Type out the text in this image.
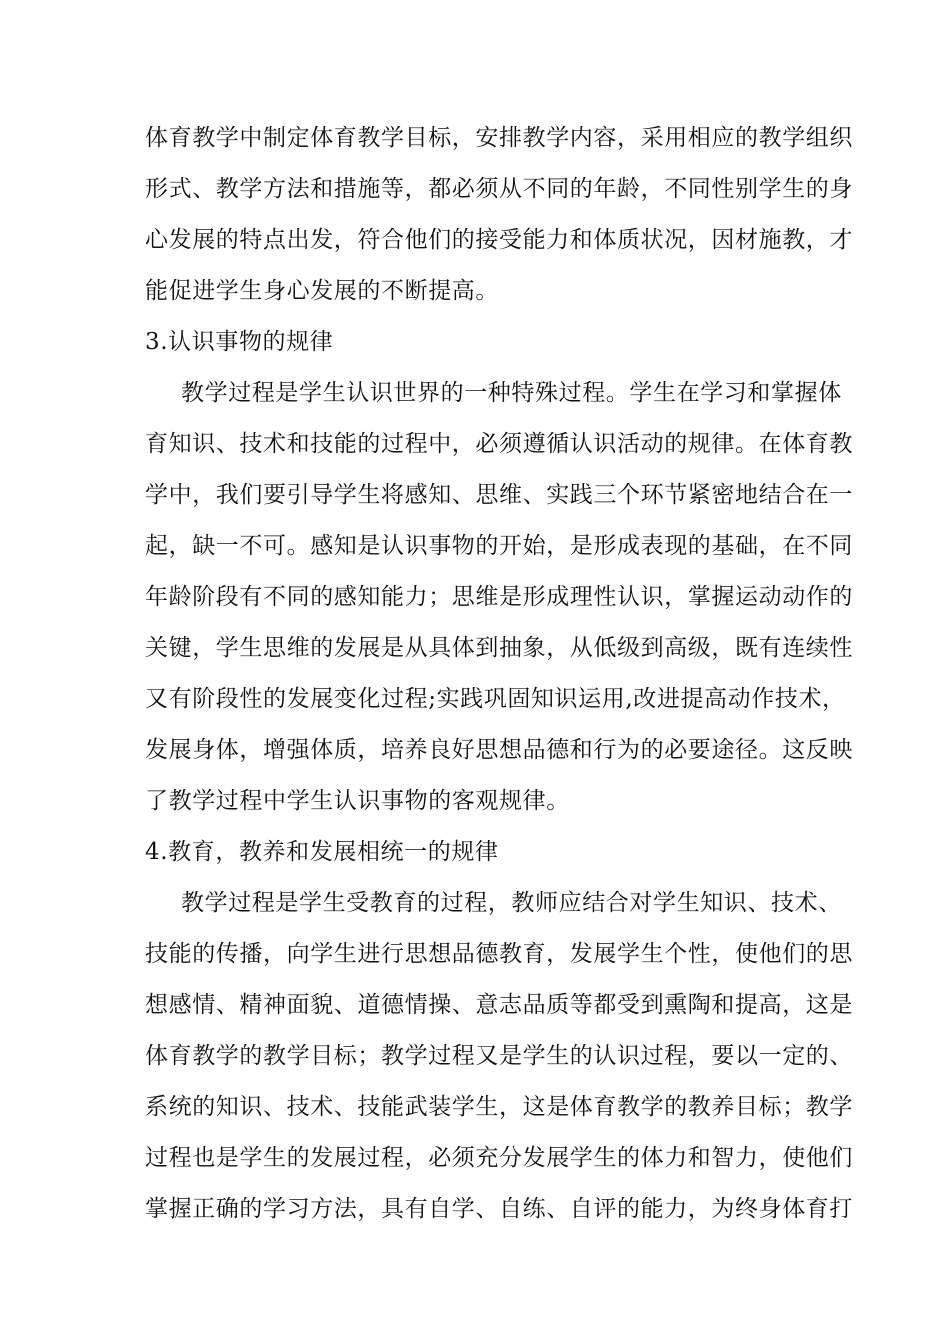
体育教学中制定体育教学目标，安排教学内容，采用相应的教学组织
形式、教学方法和措施等，都必须从不同的年龄，不同性别学生的身
心发展的特点出发，符合他们的接受能力和体质状况，因材施教，才
能促进学生身心发展的不断提高。
3.认识事物的规律
教学过程是学生认识世界的一种特殊过程。学生在学习和掌握体
育知识、技术和技能的过程中，必须遵循认识活动的规律。在体育教
学中，我们要引导学生将感知、思维、实践三个环节紧密地结合在一
起，缺一不可。感知是认识事物的开始，是形成表现的基础，在不同
年龄阶段有不同的感知能力；思维是形成理性认识，掌握运动动作的
关键，学生思维的发展是从具体到抽象，从低级到高级，既有连续性
又有阶段性的发展变化过程;实践巩固知识运用,改进提高动作技术，
发展身体，增强体质，培养良好思想品德和行为的必要途径。这反映
了教学过程中学生认识事物的客观规律。
4.教育，教养和发展相统一的规律
教学过程是学生受教育的过程，教师应结合对学生知识、技术、
技能的传播，向学生进行思想品德教育，发展学生个性，使他们的思
想感情、精神面貌、道德情操、意志品质等都受到熏陶和提高，这是
体育教学的教学目标；教学过程又是学生的认识过程，要以一定的、
系统的知识、技术、技能武装学生，这是体育教学的教养目标；教学
过程也是学生的发展过程，必须充分发展学生的体力和智力，使他们
掌握正确的学习方法，具有自学、自练、自评的能力，为终身体育打
